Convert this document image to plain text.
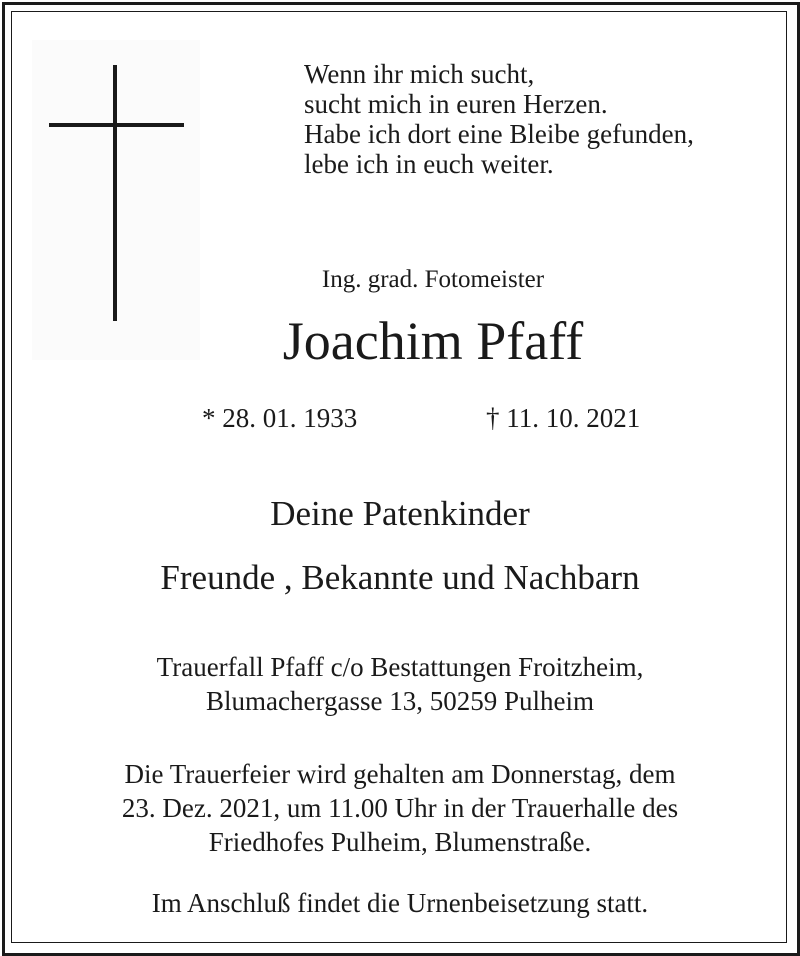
Wenn ihr mich sucht,
sucht mich in euren Herzen.
Habe ich dort eine Bleibe gefunden,
lebe ich in euch weiter.
Ing. grad. Fotomeister
Joachim Pfaff
* 28. 01. 1933	† 11. 10. 2021
Deine Patenkinder
Freunde , Bekannte und Nachbarn
Trauerfall Pfaff c/o Bestattungen Froitzheim,
Blumachergasse 13, 50259 Pulheim
Die Trauerfeier wird gehalten am Donnerstag, dem
23. Dez. 2021, um 11.00 Uhr in der Trauerhalle des
Friedhofes Pulheim, Blumenstraße.
Im Anschluß findet die Urnenbeisetzung statt.
